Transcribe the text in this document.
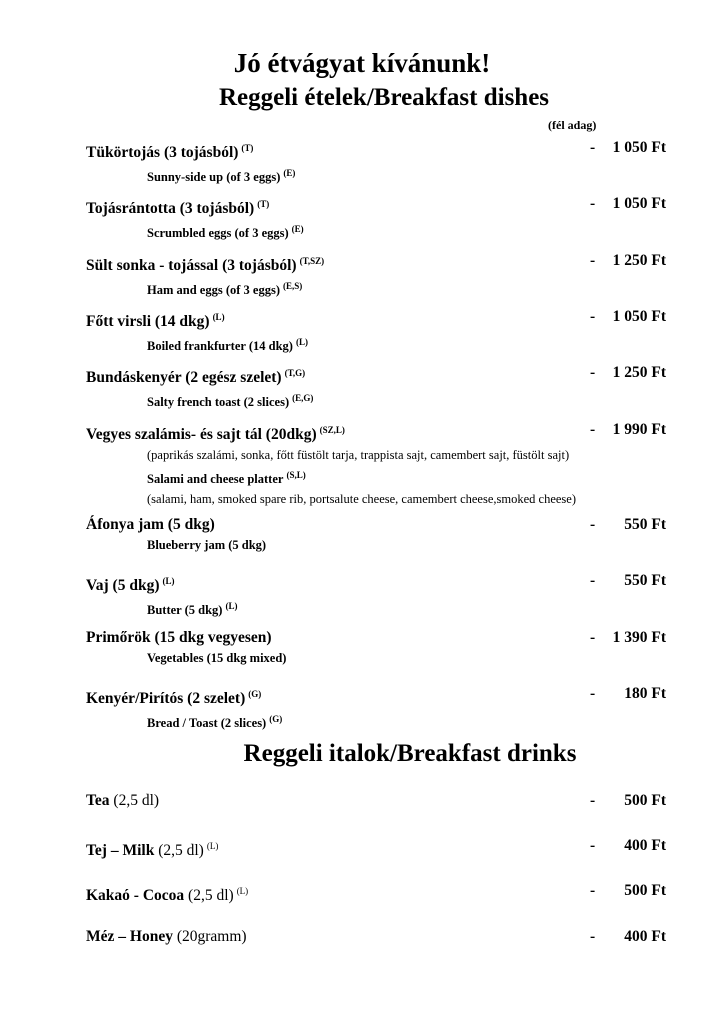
Jó étvágyat kívánunk!
Reggeli ételek/Breakfast dishes
(fél adag)
Tükörtojás (3 tojásból) $^{(T)}$
Sunny-side up (of 3 eggs) $^{(E)}$
- 1 050 Ft
Tojásrántotta (3 tojásból) $^{(T)}$
Scrumbled eggs (of 3 eggs) $^{(E)}$
- 1 050 Ft
Sült sonka - tojással (3 tojásból) $^{(T,SZ)}$
Ham and eggs (of 3 eggs) $^{(E,S)}$
- 1 250 Ft
Főtt virsli (14 dkg) $^{(L)}$
Boiled frankfurter (14 dkg) $^{(L)}$
- 1 050 Ft
Bundáskenyér (2 egész szelet) $^{(T,G)}$
Salty french toast (2 slices) $^{(E,G)}$
- 1 250 Ft
Vegyes szalámis- és sajt tál (20dkg) $^{(SZ,L)}$
(paprikás szalámi, sonka, főtt füstölt tarja, trappista sajt, camembert sajt, füstölt sajt)
Salami and cheese platter $^{(S,L)}$
(salami, ham, smoked spare rib, portsalute cheese, camembert cheese,smoked cheese)
- 1 990 Ft
Áfonya jam (5 dkg)
Blueberry jam (5 dkg)
- 550 Ft
Vaj (5 dkg) $^{(L)}$
Butter (5 dkg) $^{(L)}$
- 550 Ft
Primőrök (15 dkg vegyesen)
Vegetables (15 dkg mixed)
- 1 390 Ft
Kenyér/Pirítós (2 szelet) $^{(G)}$
Bread / Toast (2 slices) $^{(G)}$
- 180 Ft
Reggeli italok/Breakfast drinks
Tea (2,5 dl)	- 500 Ft
Tej – Milk (2,5 dl) $^{(L)}$	- 400 Ft
Kakaó - Cocoa (2,5 dl) $^{(L)}$	- 500 Ft
Méz – Honey (20gramm)	- 400 Ft
